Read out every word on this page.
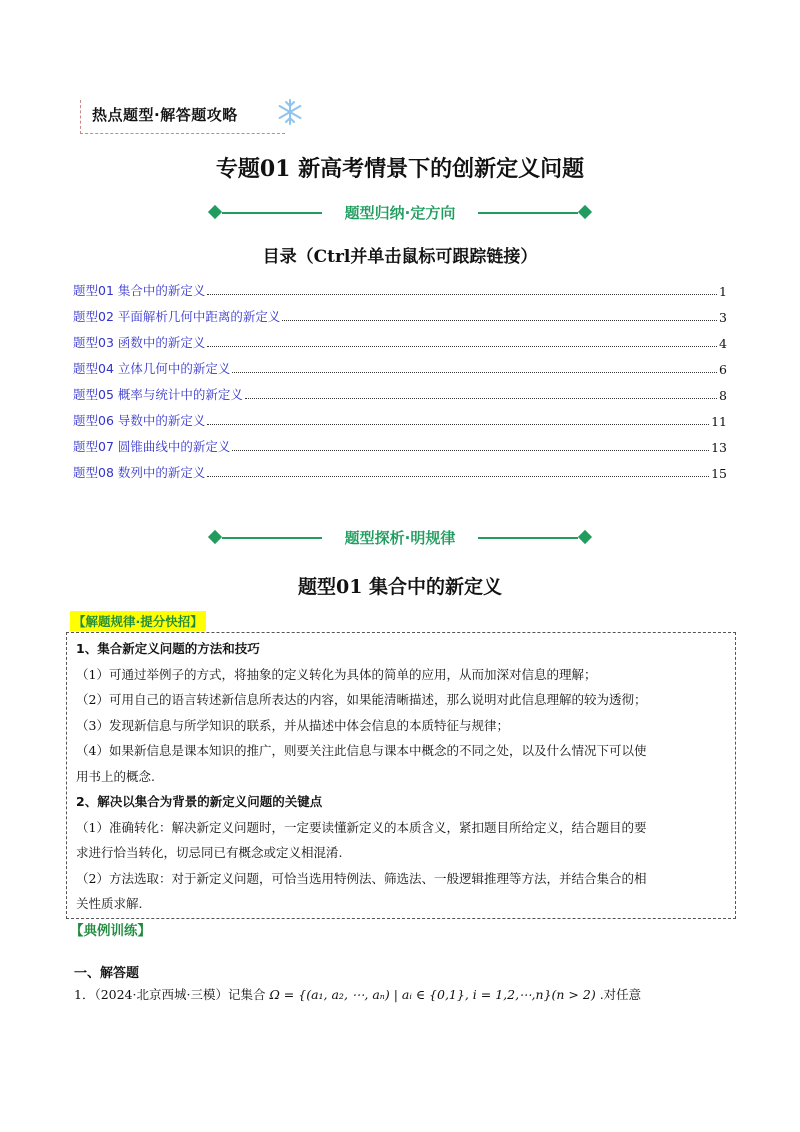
热点题型·解答题攻略
专题01 新高考情景下的创新定义问题
题型归纳·定方向
目录（Ctrl并单击鼠标可跟踪链接）
题型01 集合中的新定义	1
题型02 平面解析几何中距离的新定义	3
题型03 函数中的新定义	4
题型04 立体几何中的新定义	6
题型05 概率与统计中的新定义	8
题型06 导数中的新定义	11
题型07 圆锥曲线中的新定义	13
题型08 数列中的新定义	15
题型探析·明规律
题型01 集合中的新定义
【解题规律·提分快招】

1、集合新定义问题的方法和技巧

（1）可通过举例子的方式，将抽象的定义转化为具体的简单的应用，从而加深对信息的理解；

（2）可用自己的语言转述新信息所表达的内容，如果能清晰描述，那么说明对此信息理解的较为透彻；

（3）发现新信息与所学知识的联系，并从描述中体会信息的本质特征与规律；

（4）如果新信息是课本知识的推广，则要关注此信息与课本中概念的不同之处，以及什么情况下可以使

用书上的概念.

2、解决以集合为背景的新定义问题的关键点

（1）准确转化：解决新定义问题时，一定要读懂新定义的本质含义，紧扣题目所给定义，结合题目的要

求进行恰当转化，切忌同已有概念或定义相混淆.

（2）方法选取：对于新定义问题，可恰当选用特例法、筛选法、一般逻辑推理等方法，并结合集合的相

关性质求解.

【典例训练】
一、解答题
1．（2024·北京西城·三模）记集合 Ω = {(a₁, a₂, ⋯, aₙ) | aᵢ ∈ {0,1}, i = 1,2,⋯,n}(n > 2) .对任意
